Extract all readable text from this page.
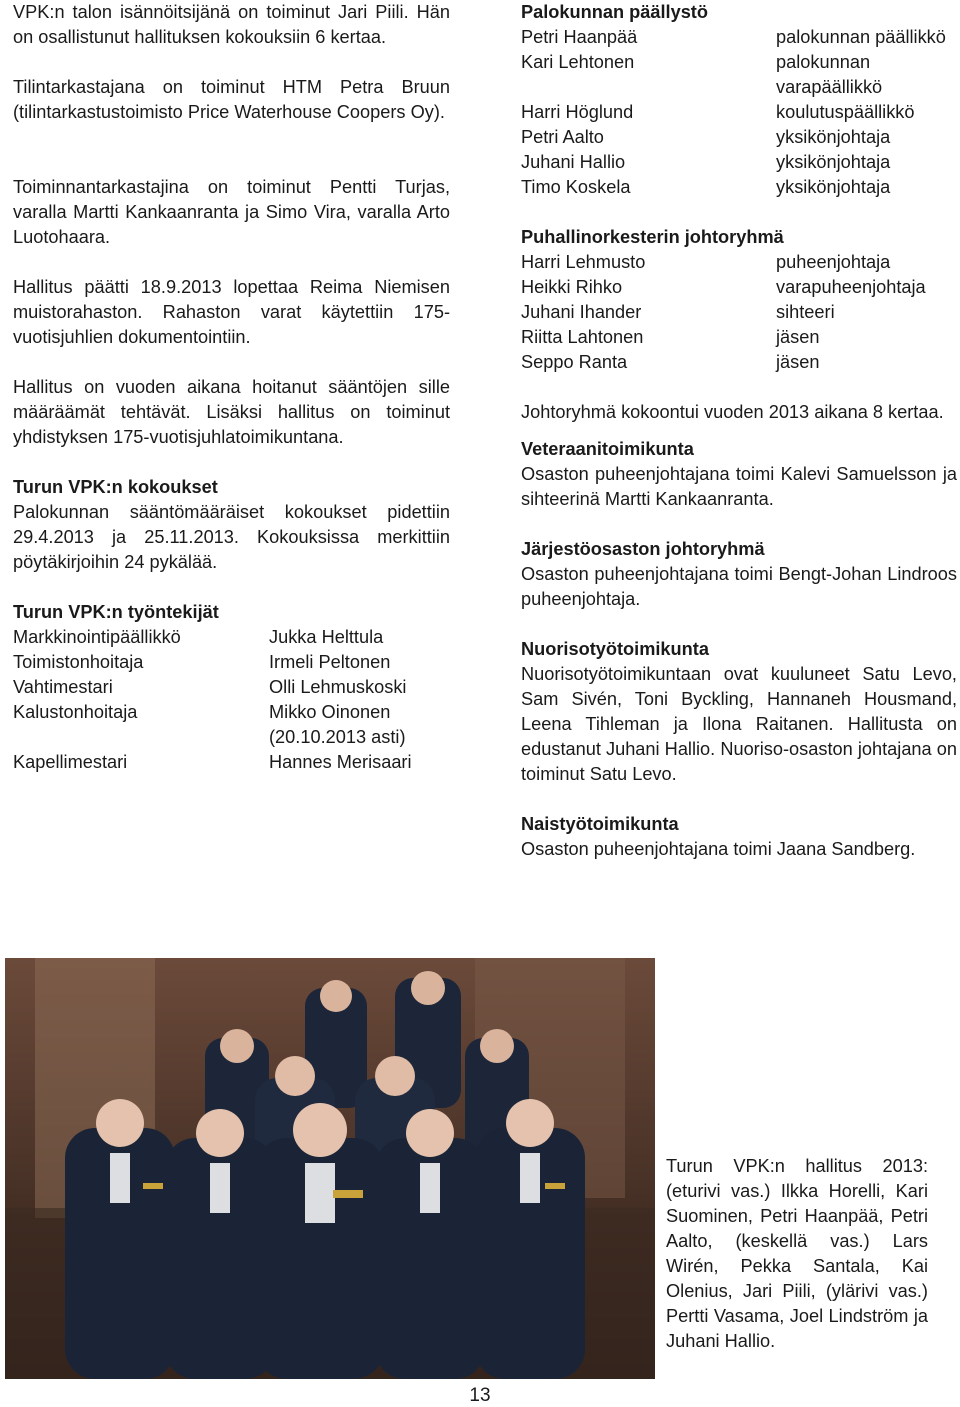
VPK:n talon isännöitsijänä on toiminut Jari Piili. Hän on osallistunut hallituksen kokouksiin 6 kertaa.

Tilintarkastajana on toiminut HTM Petra Bruun (tilintarkastustoimisto Price Waterhouse Coopers Oy).

Toiminnantarkastajina on toiminut Pentti Turjas, varalla Martti Kankaanranta ja Simo Vira, varalla Arto Luotohaara.

Hallitus päätti 18.9.2013 lopettaa Reima Niemisen muistorahaston. Rahaston varat käytettiin 175-vuotisjuhlien dokumentointiin.

Hallitus on vuoden aikana hoitanut sääntöjen sille määräämät tehtävät. Lisäksi hallitus on toiminut yhdistyksen 175-vuotisjuhlatoimikuntana.

Turun VPK:n kokoukset

Palokunnan sääntömääräiset kokoukset pidettiin 29.4.2013 ja 25.11.2013. Kokouksissa merkittiin pöytäkirjoihin 24 pykälää.

Turun VPK:n työntekijät

Markkinointipäällikkö	Jukka Helttula
Toimistonhoitaja	Irmeli Peltonen
Vahtimestari	Olli Lehmuskoski
Kalustonhoitaja	Mikko Oinonen
(20.10.2013 asti)
Kapellimestari	Hannes Merisaari

Palokunnan päällystö

Petri Haanpää	palokunnan päällikkö
Kari Lehtonen	palokunnan varapäällikkö
Harri Höglund	koulutuspäällikkö
Petri Aalto	yksikönjohtaja
Juhani Hallio	yksikönjohtaja
Timo Koskela	yksikönjohtaja

Puhallinorkesterin johtoryhmä

Harri Lehmusto	puheenjohtaja
Heikki Rihko	varapuheenjohtaja
Juhani Ihander	sihteeri
Riitta Lahtonen	jäsen
Seppo Ranta	jäsen

Johtoryhmä kokoontui vuoden 2013 aikana 8 kertaa.

Veteraanitoimikunta

Osaston puheenjohtajana toimi Kalevi Samuelsson ja sihteerinä Martti Kankaanranta.

Järjestöosaston johtoryhmä

Osaston puheenjohtajana toimi Bengt-Johan Lindroos puheenjohtaja.

Nuorisotyötoimikunta

Nuorisotyötoimikuntaan ovat kuuluneet Satu Levo, Sam Sivén, Toni Byckling, Hannaneh Housmand, Leena Tihleman ja Ilona Raitanen. Hallitusta on edustanut Juhani Hallio. Nuoriso-osaston johtajana on toiminut Satu Levo.

Naistyötoimikunta

Osaston puheenjohtajana toimi Jaana Sandberg.

Turun VPK:n hallitus 2013: (eturivi vas.) Ilkka Horelli, Kari Suominen, Petri Haanpää, Petri Aalto, (keskellä vas.) Lars Wirén, Pekka Santala, Kai Olenius, Jari Piili, (ylärivi vas.) Pertti Vasama, Joel Lindström ja Juhani Hallio.

13
